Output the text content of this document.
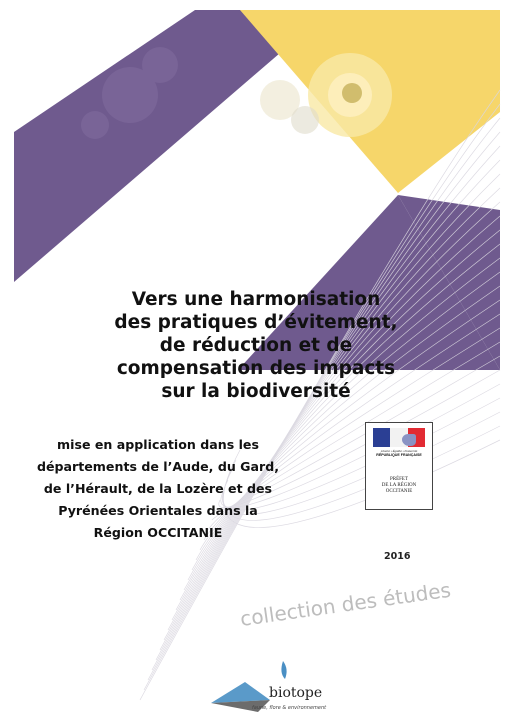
Vers une harmonisation
des pratiques d’évitement,
de réduction et de
compensation des impacts
sur la biodiversité
mise en application dans les
départements de l’Aude, du Gard,
de l’Hérault, de la Lozère et des
Pyrénées Orientales dans la
Région OCCITANIE
Liberté • Égalité • Fraternité
RÉPUBLIQUE FRANÇAISE
PRÉFET
DE LA RÉGION
OCCITANIE
2016
collection des études
biotope
faune, flore & environnement
